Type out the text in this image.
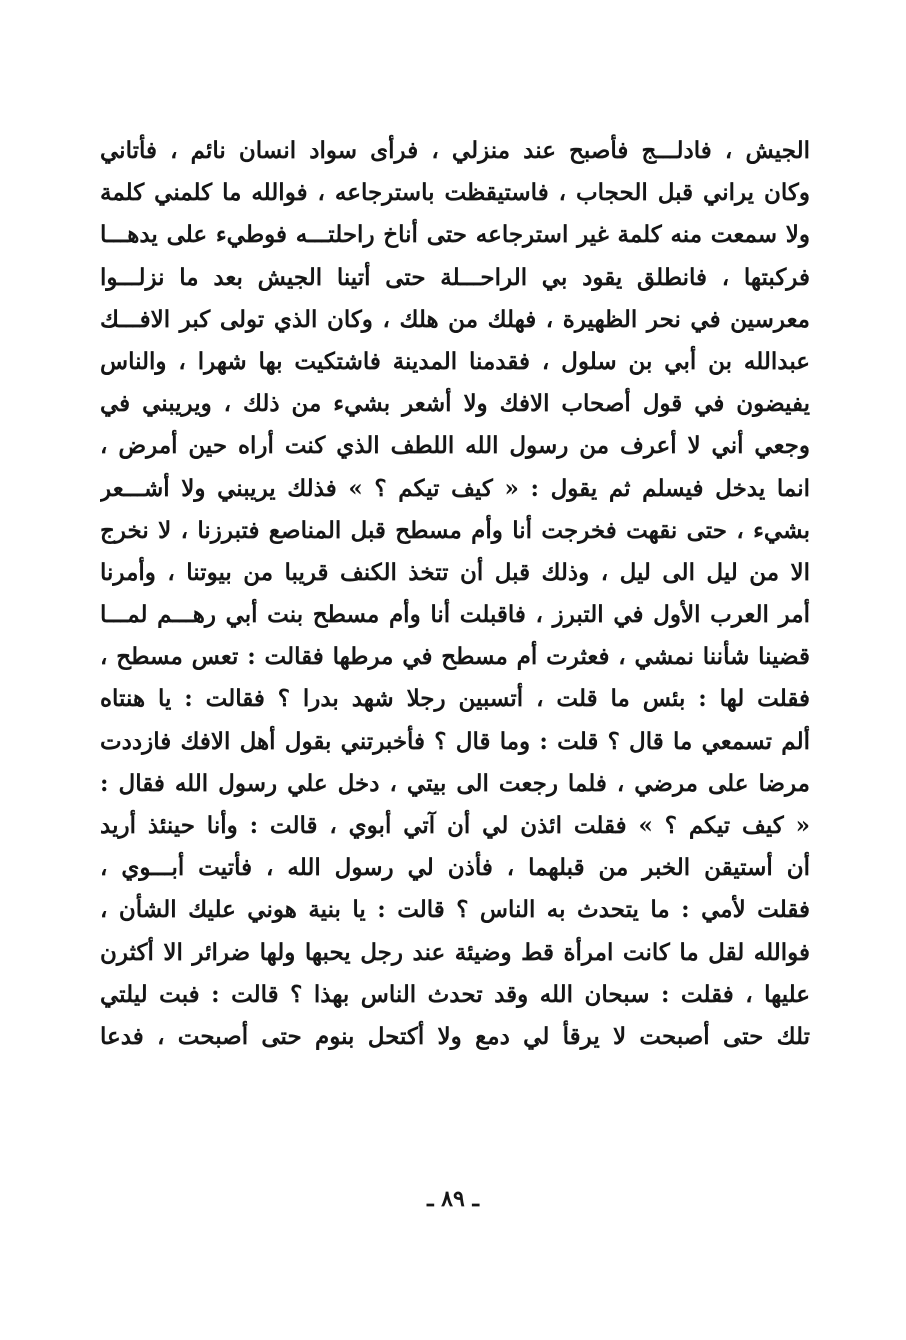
الجيش ، فادلـــج فأصبح عند منزلي ، فرأى سواد انسان نائم ، فأتاني
وكان يراني قبل الحجاب ، فاستيقظت باسترجاعه ، فوالله ما كلمني كلمة
ولا سمعت منه كلمة غير استرجاعه حتى أناخ راحلتـــه فوطيء على يدهـــا
فركبتها ، فانطلق يقود بي الراحـــلة حتى أتينا الجيش بعد ما نزلـــوا
معرسين في نحر الظهيرة ، فهلك من هلك ، وكان الذي تولى كبر الافـــك
عبدالله بن أبي بن سلول ، فقدمنا المدينة فاشتكيت بها شهرا ، والناس
يفيضون في قول أصحاب الافك ولا أشعر بشيء من ذلك ، ويريبني في
وجعي أني لا أعرف من رسول الله اللطف الذي كنت أراه حين أمرض ،
انما يدخل فيسلم ثم يقول : « كيف تيكم ؟ » فذلك يريبني ولا أشـــعر
بشيء ، حتى نقهت فخرجت أنا وأم مسطح قبل المناصع فتبرزنا ، لا نخرج
الا من ليل الى ليل ، وذلك قبل أن تتخذ الكنف قريبا من بيوتنا ، وأمرنا
أمر العرب الأول في التبرز ، فاقبلت أنا وأم مسطح بنت أبي رهـــم لمـــا
قضينا شأننا نمشي ، فعثرت أم مسطح في مرطها فقالت : تعس مسطح ،
فقلت لها : بئس ما قلت ، أتسبين رجلا شهد بدرا ؟ فقالت : يا هنتاه
ألم تسمعي ما قال ؟ قلت : وما قال ؟ فأخبرتني بقول أهل الافك فازددت
مرضا على مرضي ، فلما رجعت الى بيتي ، دخل علي رسول الله فقال :
« كيف تيكم ؟ » فقلت ائذن لي أن آتي أبوي ، قالت : وأنا حينئذ أريد
أن أستيقن الخبر من قبلهما ، فأذن لي رسول الله ، فأتيت أبـــوي ،
فقلت لأمي : ما يتحدث به الناس ؟ قالت : يا بنية هوني عليك الشأن ،
فوالله لقل ما كانت امرأة قط وضيئة عند رجل يحبها ولها ضرائر الا أكثرن
عليها ، فقلت : سبحان الله وقد تحدث الناس بهذا ؟ قالت : فبت ليلتي
تلك حتى أصبحت لا يرقأ لي دمع ولا أكتحل بنوم حتى أصبحت ، فدعا
ـ ٨٩ ـ
